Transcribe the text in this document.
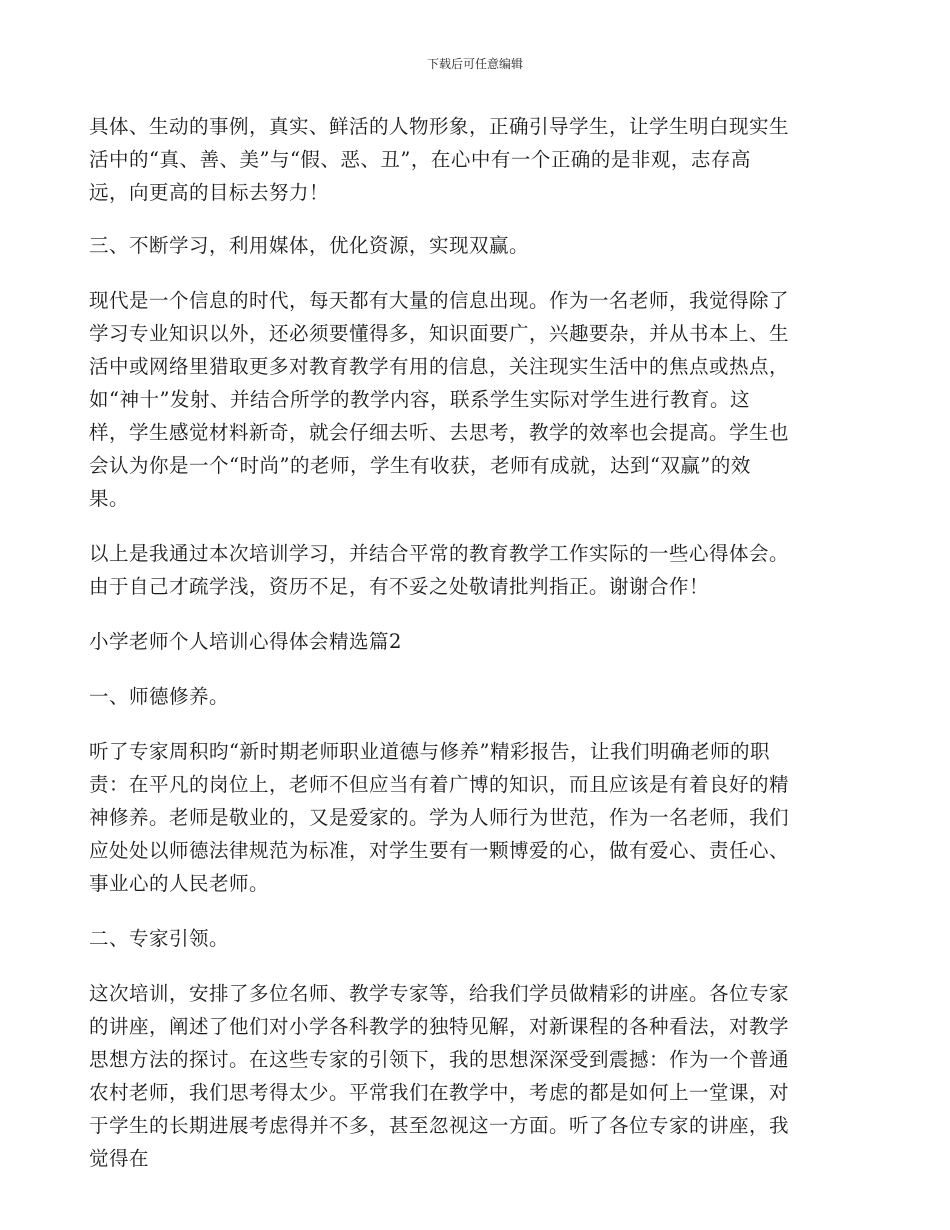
下载后可任意编辑

具体、生动的事例，真实、鲜活的人物形象，正确引导学生，让学生明白现实生
活中的“真、善、美”与“假、恶、丑”，在心中有一个正确的是非观，志存高
远，向更高的目标去努力！

三、不断学习，利用媒体，优化资源，实现双赢。

现代是一个信息的时代，每天都有大量的信息出现。作为一名老师，我觉得除了
学习专业知识以外，还必须要懂得多，知识面要广，兴趣要杂，并从书本上、生
活中或网络里猎取更多对教育教学有用的信息，关注现实生活中的焦点或热点，
如“神十”发射、并结合所学的教学内容，联系学生实际对学生进行教育。这
样，学生感觉材料新奇，就会仔细去听、去思考，教学的效率也会提高。学生也
会认为你是一个“时尚”的老师，学生有收获，老师有成就，达到“双赢”的效
果。

以上是我通过本次培训学习，并结合平常的教育教学工作实际的一些心得体会。
由于自己才疏学浅，资历不足，有不妥之处敬请批判指正。谢谢合作！

小学老师个人培训心得体会精选篇2

一、师德修养。

听了专家周积昀“新时期老师职业道德与修养”精彩报告，让我们明确老师的职
责：在平凡的岗位上，老师不但应当有着广博的知识，而且应该是有着良好的精
神修养。老师是敬业的，又是爱家的。学为人师行为世范，作为一名老师，我们
应处处以师德法律规范为标准，对学生要有一颗博爱的心，做有爱心、责任心、
事业心的人民老师。

二、专家引领。

这次培训，安排了多位名师、教学专家等，给我们学员做精彩的讲座。各位专家
的讲座，阐述了他们对小学各科教学的独特见解，对新课程的各种看法，对教学
思想方法的探讨。在这些专家的引领下，我的思想深深受到震撼：作为一个普通
农村老师，我们思考得太少。平常我们在教学中，考虑的都是如何上一堂课，对
于学生的长期进展考虑得并不多，甚至忽视这一方面。听了各位专家的讲座，我
觉得在
